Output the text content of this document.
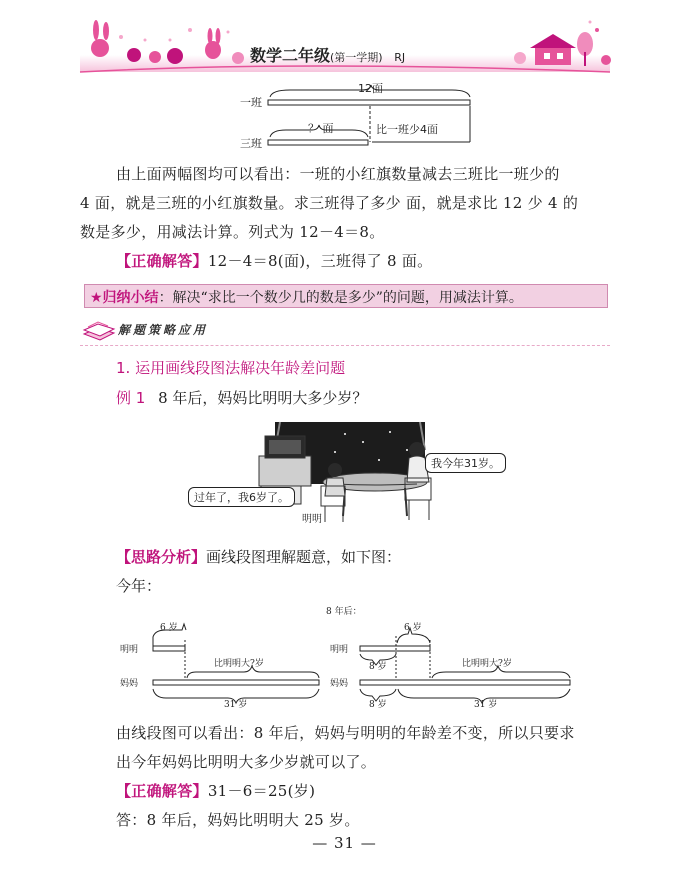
数学二年级(第一学期) RJ
一班
12面
三班
？ 面	比一班少4面
由上面两幅图均可以看出：一班的小红旗数量减去三班比一班少的
4 面，就是三班的小红旗数量。求三班得了多少 面，就是求比 12 少 4 的
数是多少，用减法计算。列式为 12－4＝8。
【正确解答】12－4＝8(面)，三班得了 8 面。
★归纳小结：解决“求比一个数少几的数是多少”的问题，用减法计算。
解题策略应用
1. 运用画线段图法解决年龄差问题
例 1 8 年后，妈妈比明明大多少岁？
我今年31岁。
过年了，我6岁了。
明明
【思路分析】画线段图理解题意，如下图：
今年：
6 岁
明明
妈妈
比明明大?岁
31 岁
8 年后：
明明
妈妈
6 岁
8 岁	比明明大?岁
8 岁	31 岁
由线段图可以看出：8 年后，妈妈与明明的年龄差不变，所以只要求
出今年妈妈比明明大多少岁就可以了。
【正确解答】31－6＝25(岁)
答：8 年后，妈妈比明明大 25 岁。
— 31 —
